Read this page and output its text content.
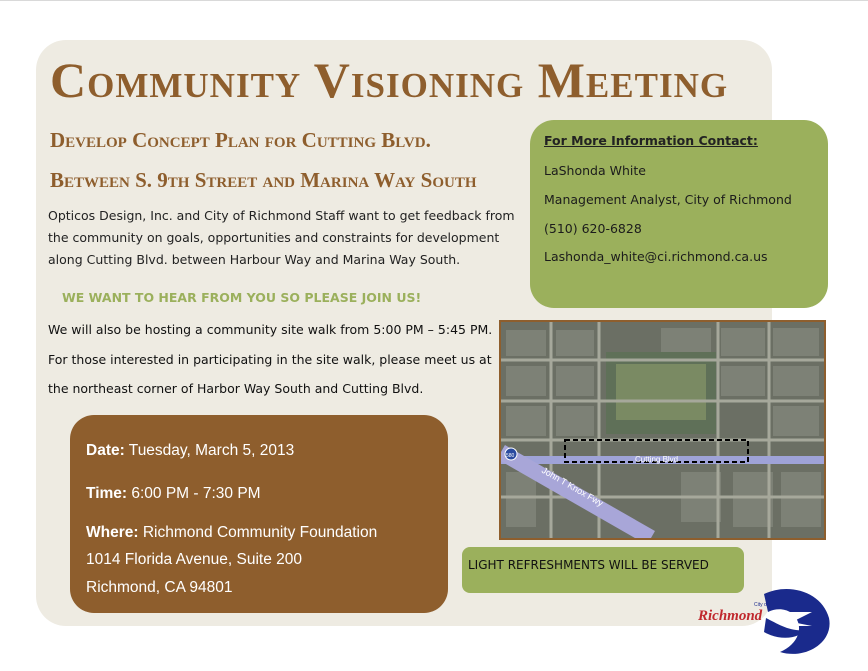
Community Visioning Meeting
Develop Concept Plan for Cutting Blvd.
Between S. 9th Street and Marina Way South
Opticos Design, Inc. and City of Richmond Staff want to get feedback from
the community on goals, opportunities and constraints for development
along Cutting Blvd. between Harbour Way and Marina Way South.
WE WANT TO HEAR FROM YOU SO PLEASE JOIN US!
We will also be hosting a community site walk from 5:00 PM – 5:45 PM.
For those interested in participating in the site walk, please meet us at
the northeast corner of Harbor Way South and Cutting Blvd.
For More Information Contact:
LaShonda White
Management Analyst, City of Richmond
(510) 620-6828
Lashonda_white@ci.richmond.ca.us
Date: Tuesday, March 5, 2013
Time: 6:00 PM - 7:30 PM
Where: Richmond Community Foundation
1014 Florida Avenue, Suite 200
Richmond, CA 94801
Cutting Blvd
John T Knox Fwy
580
LIGHT REFRESHMENTS WILL BE SERVED
Richmond
City of
